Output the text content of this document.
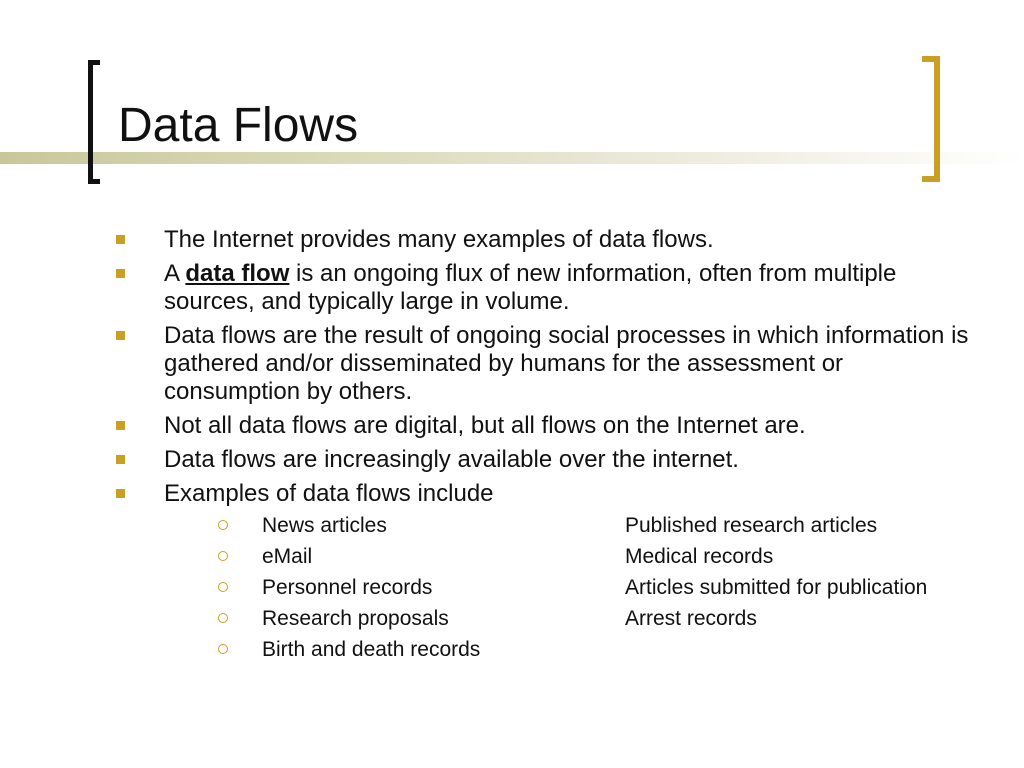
Data Flows
The Internet provides many examples of data flows.
A data flow is an ongoing flux of new information, often from multiple sources, and typically large in volume.
Data flows are the result of ongoing social processes in which information is gathered and/or disseminated by humans for the assessment or consumption by others.
Not all data flows are digital, but all flows on the Internet are.
Data flows are increasingly available over the internet.
Examples of data flows include
News articles	Published research articles
eMail	Medical records
Personnel records	Articles submitted for publication
Research proposals	Arrest records
Birth and death records
